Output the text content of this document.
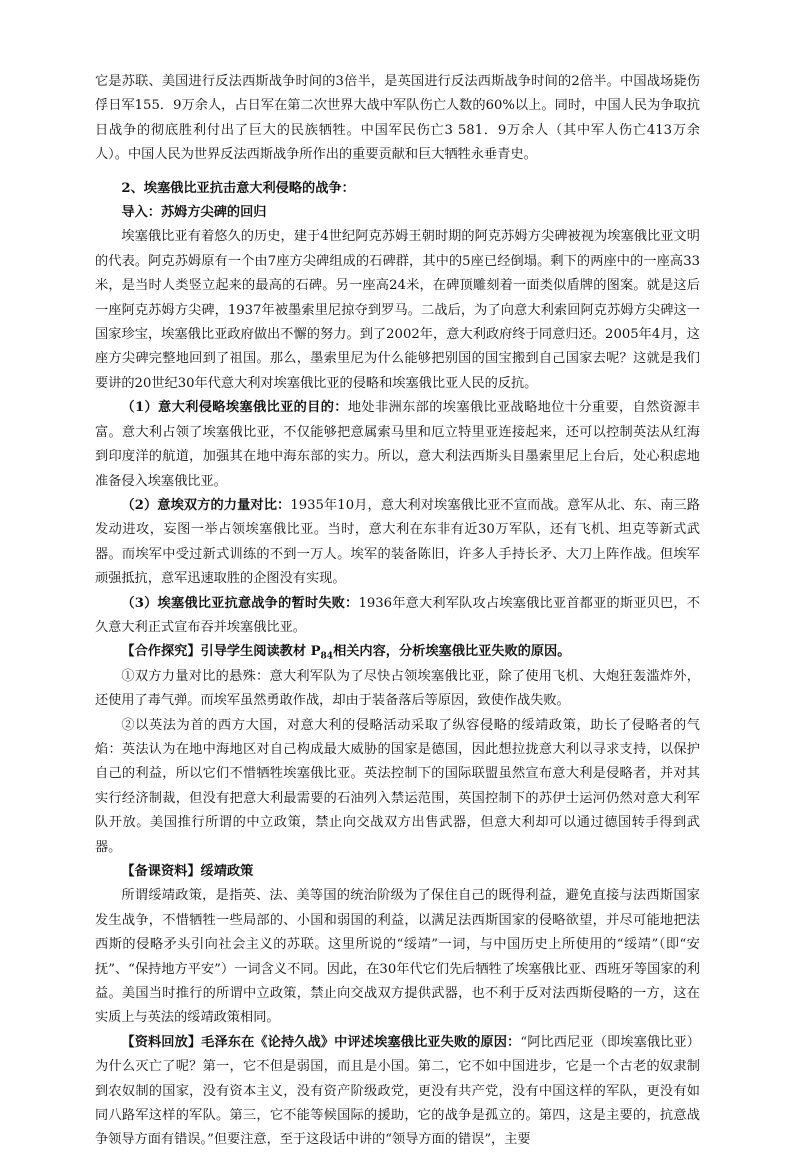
它是苏联、美国进行反法西斯战争时间的3倍半，是英国进行反法西斯战争时间的2倍半。中国战场毙伤俘日军155．9万余人，占日军在第二次世界大战中军队伤亡人数的60%以上。同时，中国人民为争取抗日战争的彻底胜利付出了巨大的民族牺牲。中国军民伤亡3 581．9万余人（其中军人伤亡413万余人）。中国人民为世界反法西斯战争所作出的重要贡献和巨大牺牲永垂青史。

2、埃塞俄比亚抗击意大利侵略的战争：

导入：苏姆方尖碑的回归

埃塞俄比亚有着悠久的历史，建于4世纪阿克苏姆王朝时期的阿克苏姆方尖碑被视为埃塞俄比亚文明的代表。阿克苏姆原有一个由7座方尖碑组成的石碑群，其中的5座已经倒塌。剩下的两座中的一座高33米，是当时人类竖立起来的最高的石碑。另一座高24米，在碑顶雕刻着一面类似盾牌的图案。就是这后一座阿克苏姆方尖碑，1937年被墨索里尼掠夺到罗马。二战后，为了向意大利索回阿克苏姆方尖碑这一国家珍宝，埃塞俄比亚政府做出不懈的努力。到了2002年，意大利政府终于同意归还。2005年4月，这座方尖碑完整地回到了祖国。那么，墨索里尼为什么能够把别国的国宝搬到自己国家去呢？这就是我们要讲的20世纪30年代意大利对埃塞俄比亚的侵略和埃塞俄比亚人民的反抗。

（1）意大利侵略埃塞俄比亚的目的：地处非洲东部的埃塞俄比亚战略地位十分重要，自然资源丰富。意大利占领了埃塞俄比亚，不仅能够把意属索马里和厄立特里亚连接起来，还可以控制英法从红海到印度洋的航道，加强其在地中海东部的实力。所以，意大利法西斯头目墨索里尼上台后，处心积虑地准备侵入埃塞俄比亚。

（2）意埃双方的力量对比：1935年10月，意大利对埃塞俄比亚不宣而战。意军从北、东、南三路发动进攻，妄图一举占领埃塞俄比亚。当时，意大利在东非有近30万军队，还有飞机、坦克等新式武器。而埃军中受过新式训练的不到一万人。埃军的装备陈旧，许多人手持长矛、大刀上阵作战。但埃军顽强抵抗，意军迅速取胜的企图没有实现。

（3）埃塞俄比亚抗意战争的暂时失败：1936年意大利军队攻占埃塞俄比亚首都亚的斯亚贝巴，不久意大利正式宣布吞并埃塞俄比亚。

【合作探究】引导学生阅读教材 $P_{84}$相关内容，分析埃塞俄比亚失败的原因。

①双方力量对比的悬殊：意大利军队为了尽快占领埃塞俄比亚，除了使用飞机、大炮狂轰滥炸外，还使用了毒气弹。而埃军虽然勇敢作战，却由于装备落后等原因，致使作战失败。

②以英法为首的西方大国，对意大利的侵略活动采取了纵容侵略的绥靖政策，助长了侵略者的气焰：英法认为在地中海地区对自己构成最大威胁的国家是德国，因此想拉拢意大利以寻求支持，以保护自己的利益，所以它们不惜牺牲埃塞俄比亚。英法控制下的国际联盟虽然宣布意大利是侵略者，并对其实行经济制裁，但没有把意大利最需要的石油列入禁运范围，英国控制下的苏伊士运河仍然对意大利军队开放。美国推行所谓的中立政策，禁止向交战双方出售武器，但意大利却可以通过德国转手得到武器。

【备课资料】绥靖政策

所谓绥靖政策，是指英、法、美等国的统治阶级为了保住自己的既得利益，避免直接与法西斯国家发生战争，不惜牺牲一些局部的、小国和弱国的利益，以满足法西斯国家的侵略欲望，并尽可能地把法西斯的侵略矛头引向社会主义的苏联。这里所说的“绥靖”一词，与中国历史上所使用的“绥靖”（即“安抚”、“保持地方平安”）一词含义不同。因此，在30年代它们先后牺牲了埃塞俄比亚、西班牙等国家的利益。美国当时推行的所谓中立政策，禁止向交战双方提供武器，也不利于反对法西斯侵略的一方，这在实质上与英法的绥靖政策相同。

【资料回放】毛泽东在《论持久战》中评述埃塞俄比亚失败的原因：“阿比西尼亚（即埃塞俄比亚）为什么灭亡了呢？第一，它不但是弱国，而且是小国。第二，它不如中国进步，它是一个古老的奴隶制到农奴制的国家，没有资本主义，没有资产阶级政党，更没有共产党，没有中国这样的军队，更没有如同八路军这样的军队。第三，它不能等候国际的援助，它的战争是孤立的。第四，这是主要的，抗意战争领导方面有错误。”但要注意，至于这段话中讲的“领导方面的错误”，主要
